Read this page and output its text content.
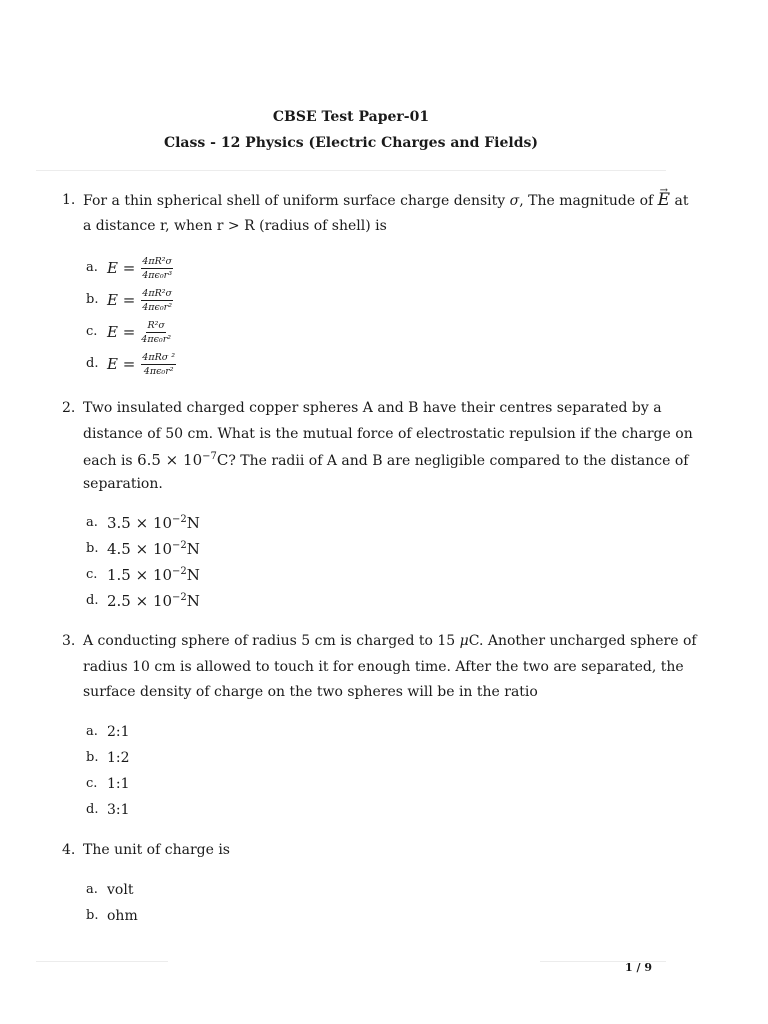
CBSE Test Paper-01
Class - 12 Physics (Electric Charges and Fields)
1. For a thin spherical shell of uniform surface charge density σ, The magnitude of → E at
a distance r, when r > R (radius of shell) is
a. $E = \frac{\text{4πR²σ}}{\text{4πϵ₀r³}}$
b. $E = \frac{\text{4πR²σ}}{\text{4πϵ₀r²}}$
c. $E = \frac{\text{R²σ}}{\text{4πϵ₀r²}}$
d. $E = \frac{\text{4πRσ ²}}{\text{4πϵ₀r²}}$
2. Two insulated charged copper spheres A and B have their centres separated by a
distance of 50 cm. What is the mutual force of electrostatic repulsion if the charge on
each is $6.5 \times 10^{-7}C$? The radii of A and B are negligible compared to the distance of
separation.
a. $3.5 \times 10^{-2}N$
b. $4.5 \times 10^{-2}N$
c. $1.5 \times 10^{-2}N$
d. $2.5 \times 10^{-2}N$
3. A conducting sphere of radius 5 cm is charged to 15 μC. Another uncharged sphere of
radius 10 cm is allowed to touch it for enough time. After the two are separated, the
surface density of charge on the two spheres will be in the ratio
a. 2:1
b. 1:2
c. 1:1
d. 3:1
4. The unit of charge is
a. volt
b. ohm
1 / 9
